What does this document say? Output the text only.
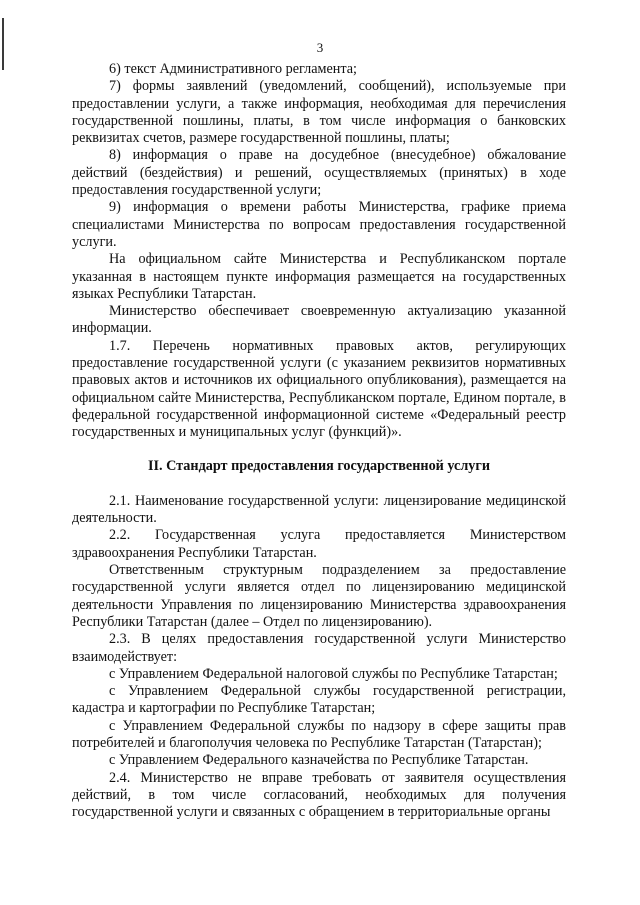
3

6) текст Административного регламента;

7) формы заявлений (уведомлений, сообщений), используемые при предоставлении услуги, а также информация, необходимая для перечисления государственной пошлины, платы, в том числе информация о банковских реквизитах счетов, размере государственной пошлины, платы;

8) информация о праве на досудебное (внесудебное) обжалование действий (бездействия) и решений, осуществляемых (принятых) в ходе предоставления государственной услуги;

9) информация о времени работы Министерства, графике приема специалистами Министерства по вопросам предоставления государственной услуги.

На официальном сайте Министерства и Республиканском портале указанная в настоящем пункте информация размещается на государственных языках Республики Татарстан.

Министерство обеспечивает своевременную актуализацию указанной информации.

1.7. Перечень нормативных правовых актов, регулирующих предоставление государственной услуги (с указанием реквизитов нормативных правовых актов и источников их официального опубликования), размещается на официальном сайте Министерства, Республиканском портале, Едином портале, в федеральной государственной информационной системе «Федеральный реестр государственных и муниципальных услуг (функций)».

II. Стандарт предоставления государственной услуги

2.1. Наименование государственной услуги: лицензирование медицинской деятельности.

2.2. Государственная услуга предоставляется Министерством здравоохранения Республики Татарстан.

Ответственным структурным подразделением за предоставление государственной услуги является отдел по лицензированию медицинской деятельности Управления по лицензированию Министерства здравоохранения Республики Татарстан (далее – Отдел по лицензированию).

2.3. В целях предоставления государственной услуги Министерство взаимодействует:

с Управлением Федеральной налоговой службы по Республике Татарстан;

с Управлением Федеральной службы государственной регистрации, кадастра и картографии по Республике Татарстан;

с Управлением Федеральной службы по надзору в сфере защиты прав потребителей и благополучия человека по Республике Татарстан (Татарстан);

с Управлением Федерального казначейства по Республике Татарстан.

2.4. Министерство не вправе требовать от заявителя осуществления действий, в том числе согласований, необходимых для получения государственной услуги и связанных с обращением в территориальные органы
